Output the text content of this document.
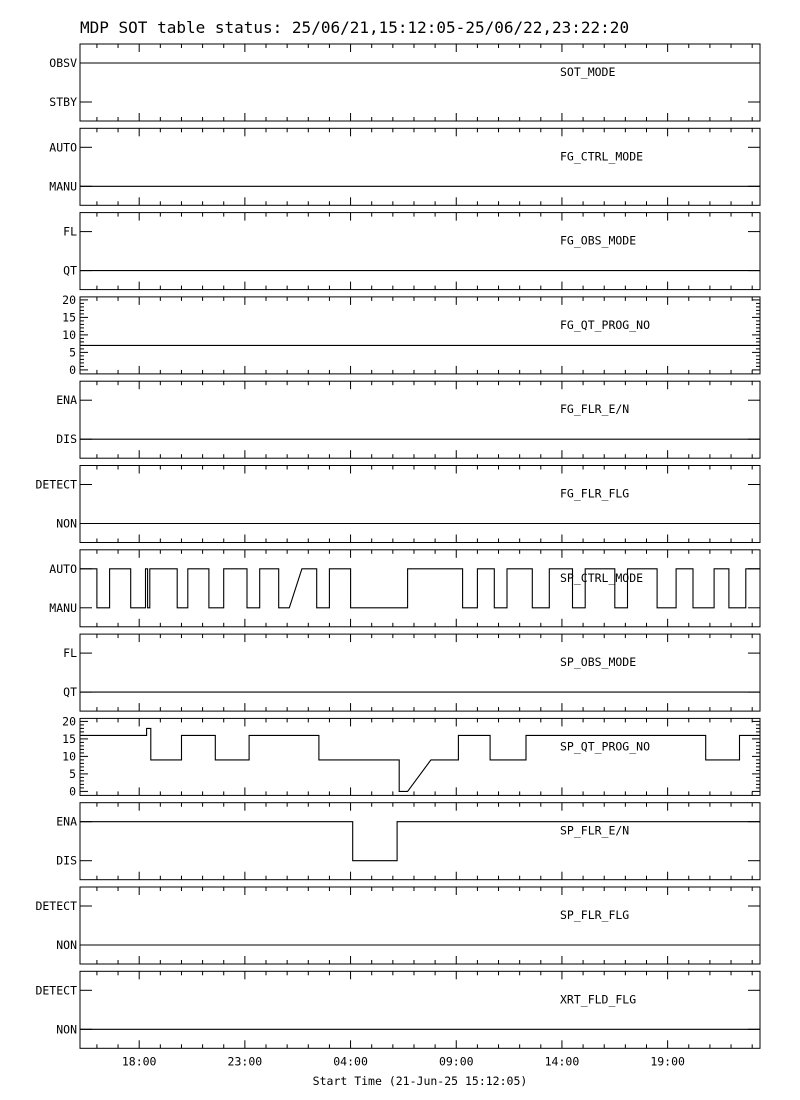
MDP SOT table status: 25/06/21,15:12:05-25/06/22,23:22:20
Start Time (21-Jun-25 15:12:05)
OBSV
STBY
SOT_MODE
AUTO
MANU
FG_CTRL_MODE
FL
QT
FG_OBS_MODE
0
5
10
15
20
FG_QT_PROG_NO
ENA
DIS
FG_FLR_E/N
DETECT
NON
FG_FLR_FLG
AUTO
MANU
SP_CTRL_MODE
FL
QT
SP_OBS_MODE
0
5
10
15
20
SP_QT_PROG_NO
ENA
DIS
SP_FLR_E/N
DETECT
NON
SP_FLR_FLG
DETECT
NON
XRT_FLD_FLG
18:00	23:00	04:00	09:00	14:00	19:00
